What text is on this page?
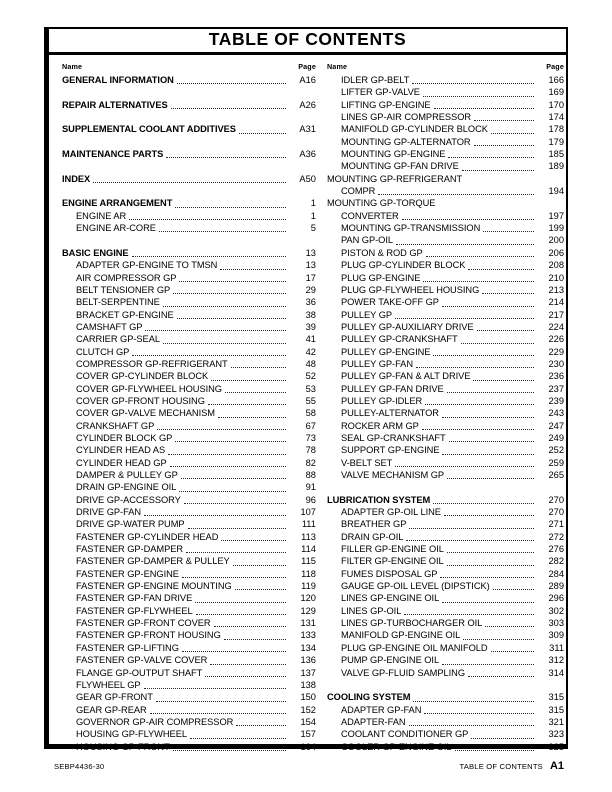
TABLE OF CONTENTS
Name	Page Name	Page
GENERAL INFORMATION	A16
REPAIR ALTERNATIVES	A26
SUPPLEMENTAL COOLANT ADDITIVES	A31
MAINTENANCE PARTS	A36
INDEX	A50
ENGINE ARRANGEMENT	1
ENGINE AR	1
ENGINE AR-CORE	5
BASIC ENGINE	13
ADAPTER GP-ENGINE TO TMSN	13
AIR COMPRESSOR GP	17
BELT TENSIONER GP	29
BELT-SERPENTINE	36
BRACKET GP-ENGINE	38
CAMSHAFT GP	39
CARRIER GP-SEAL	41
CLUTCH GP	42
COMPRESSOR GP-REFRIGERANT	48
COVER GP-CYLINDER BLOCK	52
COVER GP-FLYWHEEL HOUSING	53
COVER GP-FRONT HOUSING	55
COVER GP-VALVE MECHANISM	58
CRANKSHAFT GP	67
CYLINDER BLOCK GP	73
CYLINDER HEAD AS	78
CYLINDER HEAD GP	82
DAMPER & PULLEY GP	88
DRAIN GP-ENGINE OIL	91
DRIVE GP-ACCESSORY	96
DRIVE GP-FAN	107
DRIVE GP-WATER PUMP	111
FASTENER GP-CYLINDER HEAD	113
FASTENER GP-DAMPER	114
FASTENER GP-DAMPER & PULLEY	115
FASTENER GP-ENGINE	118
FASTENER GP-ENGINE MOUNTING	119
FASTENER GP-FAN DRIVE	120
FASTENER GP-FLYWHEEL	129
FASTENER GP-FRONT COVER	131
FASTENER GP-FRONT HOUSING	133
FASTENER GP-LIFTING	134
FASTENER GP-VALVE COVER	136
FLANGE GP-OUTPUT SHAFT	137
FLYWHEEL GP	138
GEAR GP-FRONT	150
GEAR GP-REAR	152
GOVERNOR GP-AIR COMPRESSOR	154
HOUSING GP-FLYWHEEL	157
HOUSING GP-FRONT	164
IDLER GP-BELT	166
LIFTER GP-VALVE	169
LIFTING GP-ENGINE	170
LINES GP-AIR COMPRESSOR	174
MANIFOLD GP-CYLINDER BLOCK	178
MOUNTING GP-ALTERNATOR	179
MOUNTING GP-ENGINE	185
MOUNTING GP-FAN DRIVE	189
MOUNTING GP-REFRIGERANT
COMPR	194
MOUNTING GP-TORQUE
CONVERTER	197
MOUNTING GP-TRANSMISSION	199
PAN GP-OIL	200
PISTON & ROD GP	206
PLUG GP-CYLINDER BLOCK	208
PLUG GP-ENGINE	210
PLUG GP-FLYWHEEL HOUSING	213
POWER TAKE-OFF GP	214
PULLEY GP	217
PULLEY GP-AUXILIARY DRIVE	224
PULLEY GP-CRANKSHAFT	226
PULLEY GP-ENGINE	229
PULLEY GP-FAN	230
PULLEY GP-FAN & ALT DRIVE	236
PULLEY GP-FAN DRIVE	237
PULLEY GP-IDLER	239
PULLEY-ALTERNATOR	243
ROCKER ARM GP	247
SEAL GP-CRANKSHAFT	249
SUPPORT GP-ENGINE	252
V-BELT SET	259
VALVE MECHANISM GP	265
LUBRICATION SYSTEM	270
ADAPTER GP-OIL LINE	270
BREATHER GP	271
DRAIN GP-OIL	272
FILLER GP-ENGINE OIL	276
FILTER GP-ENGINE OIL	282
FUMES DISPOSAL GP	284
GAUGE GP-OIL LEVEL (DIPSTICK)	289
LINES GP-ENGINE OIL	296
LINES GP-OIL	302
LINES GP-TURBOCHARGER OIL	303
MANIFOLD GP-ENGINE OIL	309
PLUG GP-ENGINE OIL MANIFOLD	311
PUMP GP-ENGINE OIL	312
VALVE GP-FLUID SAMPLING	314
COOLING SYSTEM	315
ADAPTER GP-FAN	315
ADAPTER-FAN	321
COOLANT CONDITIONER GP	323
COOLER GP-ENGINE OIL	325
SEBP4436-30	TABLE OF CONTENTS A1
